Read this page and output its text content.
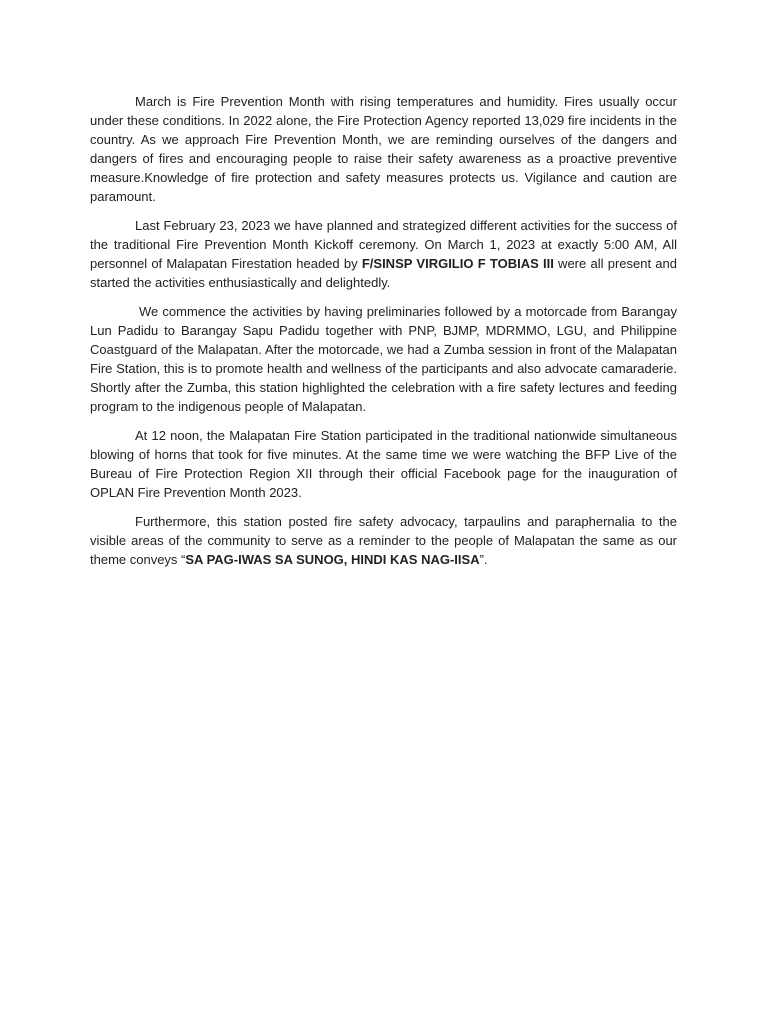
March is Fire Prevention Month with rising temperatures and humidity. Fires usually occur under these conditions. In 2022 alone, the Fire Protection Agency reported 13,029 fire incidents in the country. As we approach Fire Prevention Month, we are reminding ourselves of the dangers and dangers of fires and encouraging people to raise their safety awareness as a proactive preventive measure.Knowledge of fire protection and safety measures protects us. Vigilance and caution are paramount.

Last February 23, 2023 we have planned and strategized different activities for the success of the traditional Fire Prevention Month Kickoff ceremony. On March 1, 2023 at exactly 5:00 AM, All personnel of Malapatan Firestation headed by F/SINSP VIRGILIO F TOBIAS III were all present and started the activities enthusiastically and delightedly.

We commence the activities by having preliminaries followed by a motorcade from Barangay Lun Padidu to Barangay Sapu Padidu together with PNP, BJMP, MDRMMO, LGU, and Philippine Coastguard of the Malapatan. After the motorcade, we had a Zumba session in front of the Malapatan Fire Station, this is to promote health and wellness of the participants and also advocate camaraderie. Shortly after the Zumba, this station highlighted the celebration with a fire safety lectures and feeding program to the indigenous people of Malapatan.

At 12 noon, the Malapatan Fire Station participated in the traditional nationwide simultaneous blowing of horns that took for five minutes. At the same time we were watching the BFP Live of the Bureau of Fire Protection Region XII through their official Facebook page for the inauguration of OPLAN Fire Prevention Month 2023.

Furthermore, this station posted fire safety advocacy, tarpaulins and paraphernalia to the visible areas of the community to serve as a reminder to the people of Malapatan the same as our theme conveys “SA PAG-IWAS SA SUNOG, HINDI KAS NAG-IISA”.
